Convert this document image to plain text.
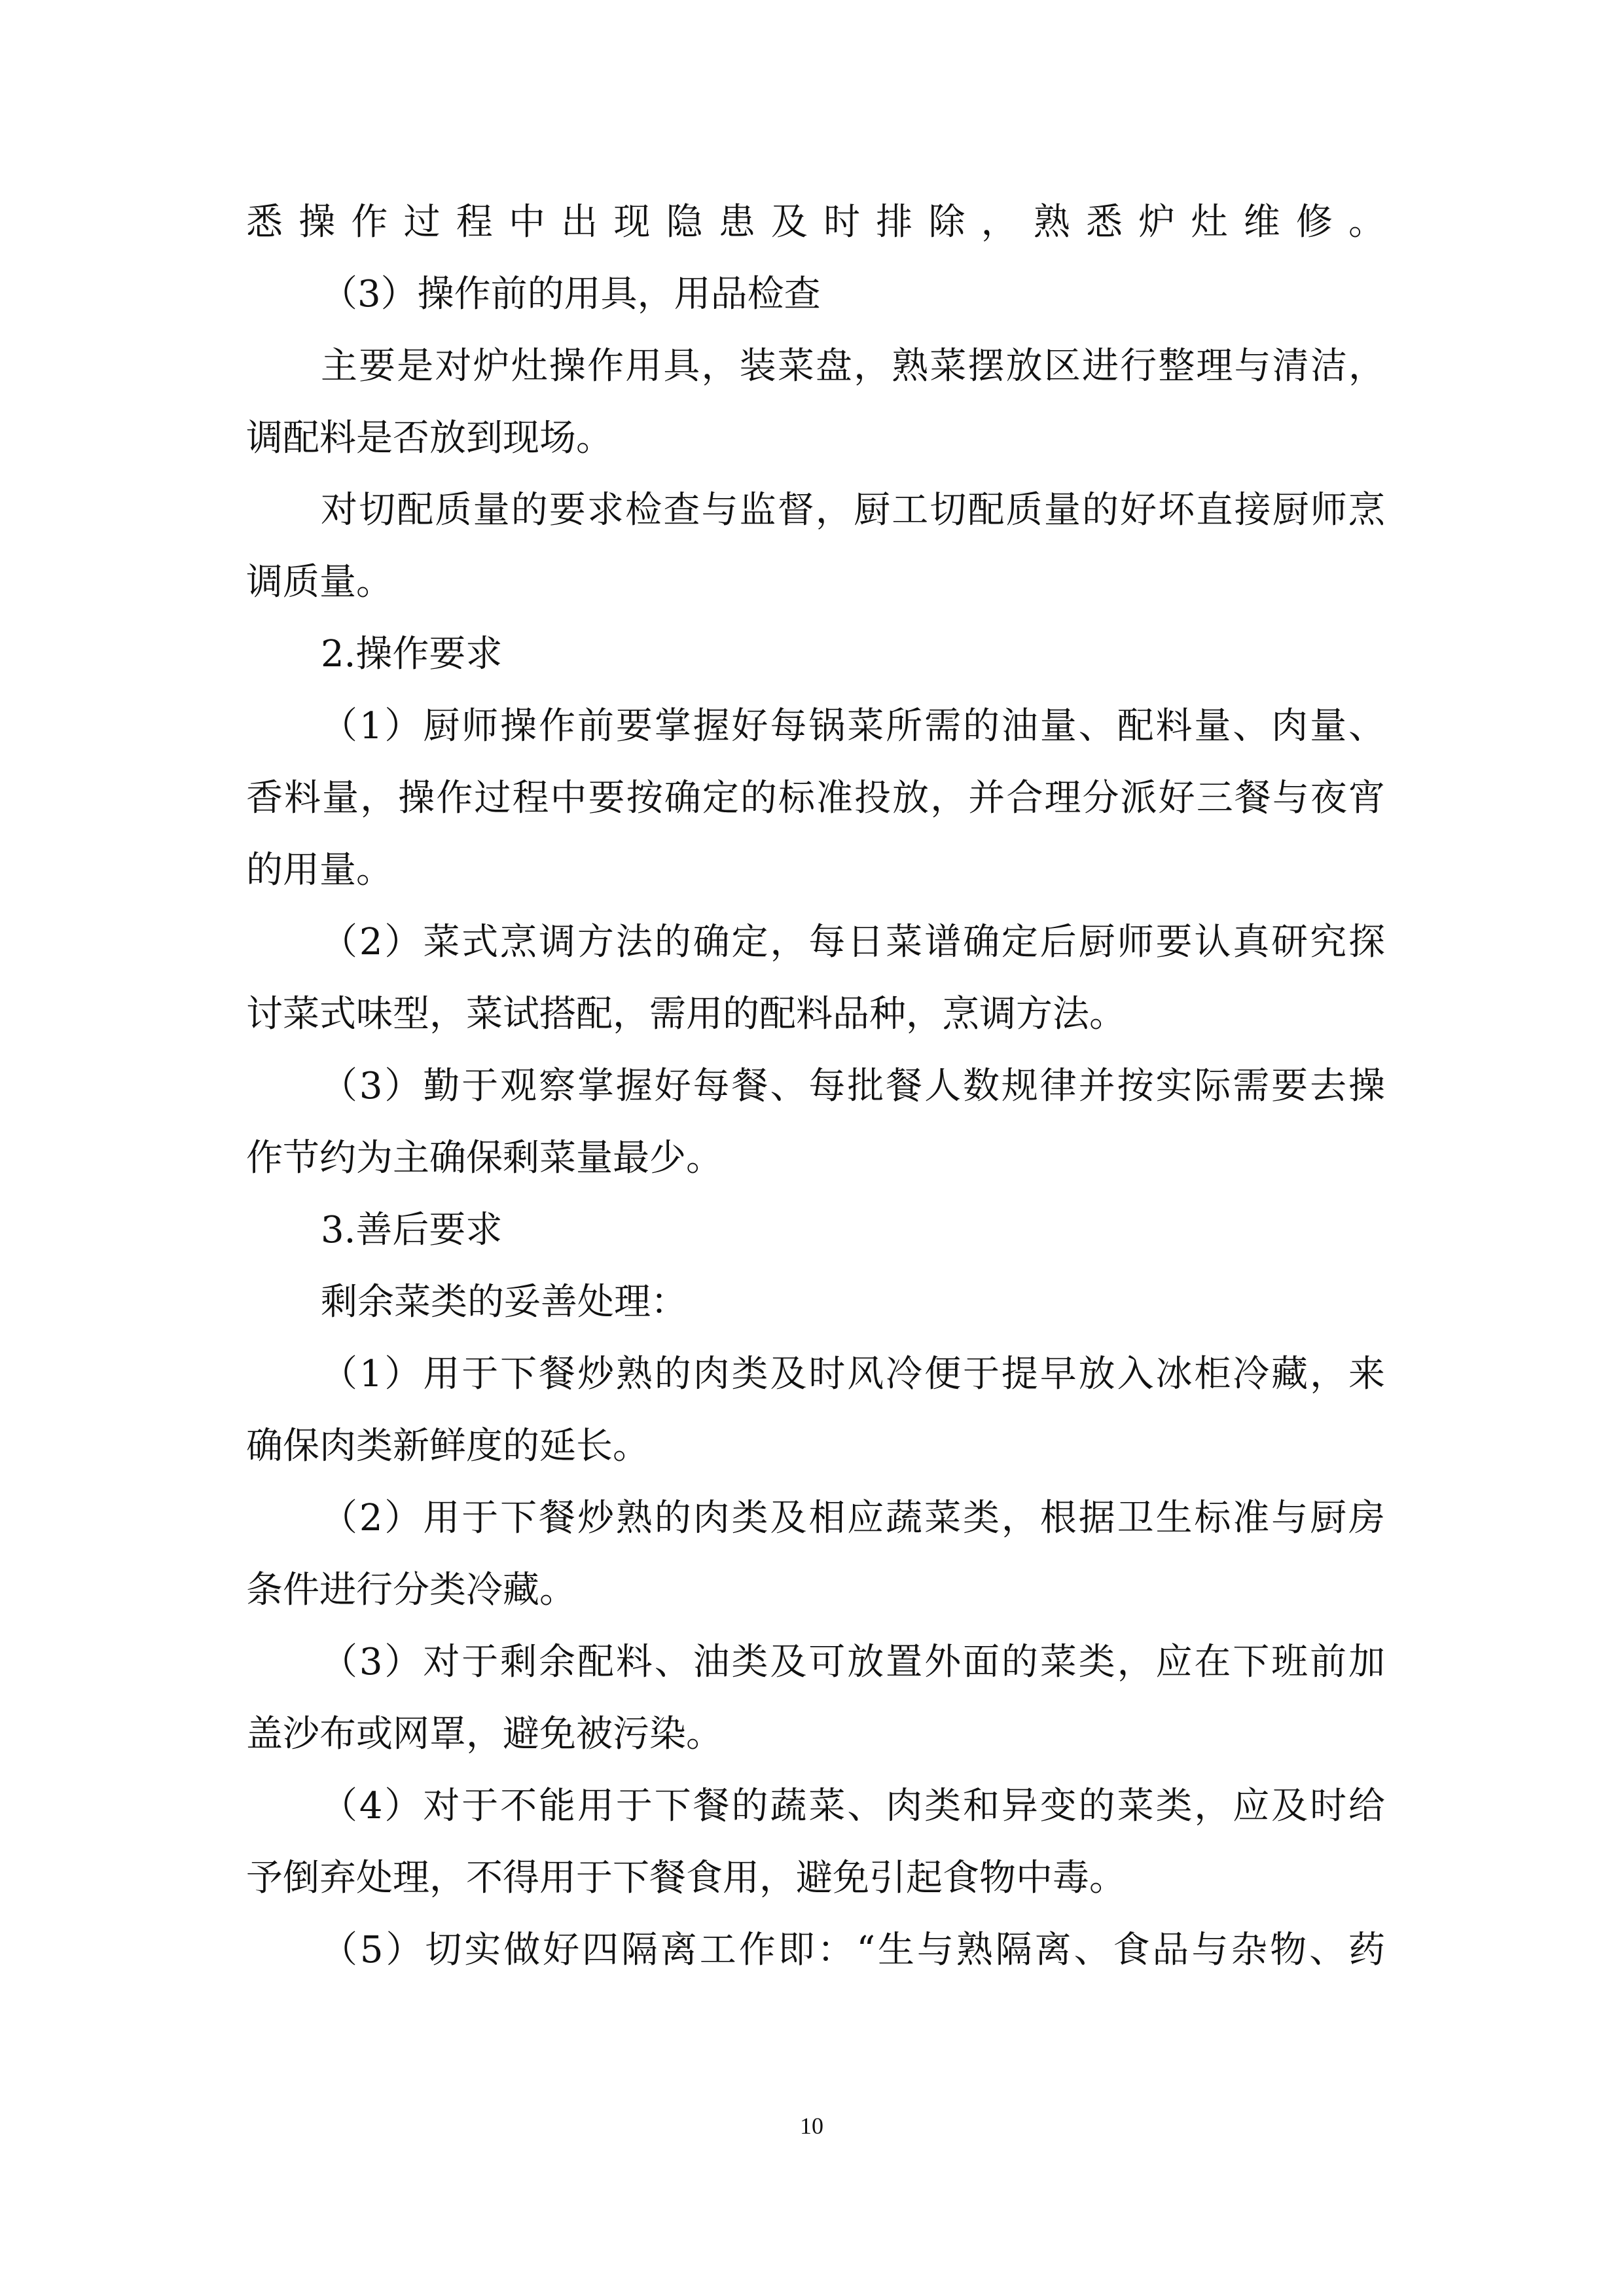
悉操作过程中出现隐患及时排除，熟悉炉灶维修。
（3）操作前的用具，用品检查
主要是对炉灶操作用具，装菜盘，熟菜摆放区进行整理与清洁，
调配料是否放到现场。
对切配质量的要求检查与监督，厨工切配质量的好坏直接厨师烹
调质量。
2.操作要求
（1）厨师操作前要掌握好每锅菜所需的油量、配料量、肉量、
香料量，操作过程中要按确定的标准投放，并合理分派好三餐与夜宵
的用量。
（2）菜式烹调方法的确定，每日菜谱确定后厨师要认真研究探
讨菜式味型，菜试搭配，需用的配料品种，烹调方法。
（3）勤于观察掌握好每餐、每批餐人数规律并按实际需要去操
作节约为主确保剩菜量最少。
3.善后要求
剩余菜类的妥善处理：
（1）用于下餐炒熟的肉类及时风冷便于提早放入冰柜冷藏，来
确保肉类新鲜度的延长。
（2）用于下餐炒熟的肉类及相应蔬菜类，根据卫生标准与厨房
条件进行分类冷藏。
（3）对于剩余配料、油类及可放置外面的菜类，应在下班前加
盖沙布或网罩，避免被污染。
（4）对于不能用于下餐的蔬菜、肉类和异变的菜类，应及时给
予倒弃处理，不得用于下餐食用，避免引起食物中毒。
（5）切实做好四隔离工作即：“生与熟隔离、食品与杂物、药
10
